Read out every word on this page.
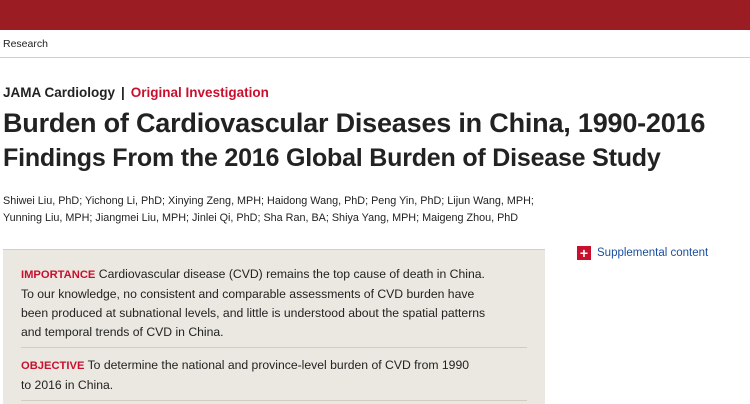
Research
JAMA Cardiology | Original Investigation
Burden of Cardiovascular Diseases in China, 1990-2016
Findings From the 2016 Global Burden of Disease Study
Shiwei Liu, PhD; Yichong Li, PhD; Xinying Zeng, MPH; Haidong Wang, PhD; Peng Yin, PhD; Lijun Wang, MPH;
Yunning Liu, MPH; Jiangmei Liu, MPH; Jinlei Qi, PhD; Sha Ran, BA; Shiya Yang, MPH; Maigeng Zhou, PhD
+ Supplemental content
IMPORTANCE Cardiovascular disease (CVD) remains the top cause of death in China.
To our knowledge, no consistent and comparable assessments of CVD burden have
been produced at subnational levels, and little is understood about the spatial patterns
and temporal trends of CVD in China.
OBJECTIVE To determine the national and province-level burden of CVD from 1990
to 2016 in China.
